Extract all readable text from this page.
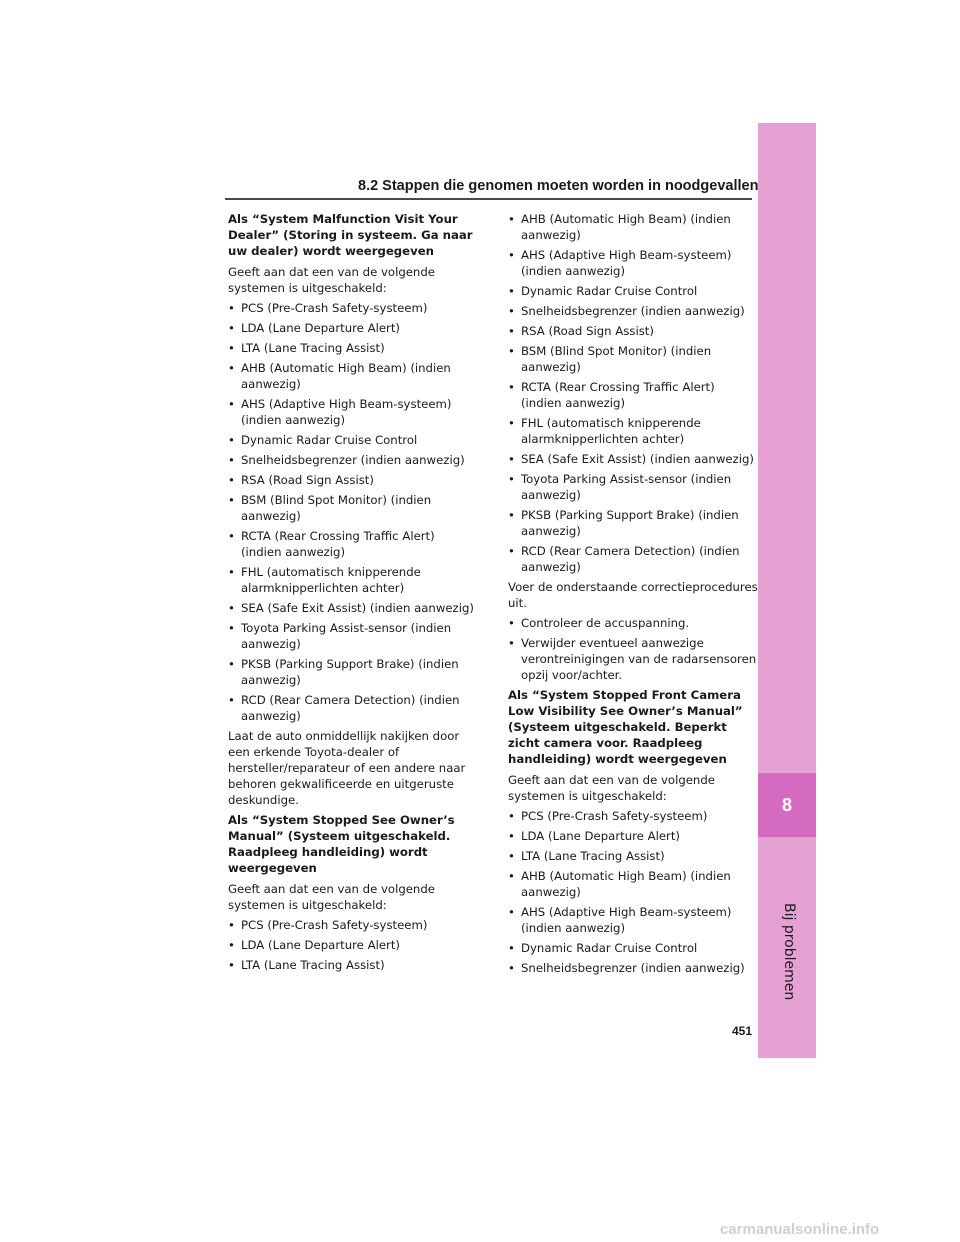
8
Bij problemen
8.2 Stappen die genomen moeten worden in noodgevallen

Als “System Malfunction Visit Your Dealer” (Storing in systeem. Ga naar uw dealer) wordt weergegeven

Geeft aan dat een van de volgende systemen is uitgeschakeld:

• PCS (Pre-Crash Safety-systeem)
• LDA (Lane Departure Alert)
• LTA (Lane Tracing Assist)
• AHB (Automatic High Beam) (indien aanwezig)
• AHS (Adaptive High Beam-systeem) (indien aanwezig)
• Dynamic Radar Cruise Control
• Snelheidsbegrenzer (indien aanwezig)
• RSA (Road Sign Assist)
• BSM (Blind Spot Monitor) (indien aanwezig)
• RCTA (Rear Crossing Traffic Alert) (indien aanwezig)
• FHL (automatisch knipperende alarmknipperlichten achter)
• SEA (Safe Exit Assist) (indien aanwezig)
• Toyota Parking Assist-sensor (indien aanwezig)
• PKSB (Parking Support Brake) (indien aanwezig)
• RCD (Rear Camera Detection) (indien aanwezig)

Laat de auto onmiddellijk nakijken door een erkende Toyota-dealer of hersteller/reparateur of een andere naar behoren gekwalificeerde en uitgeruste deskundige.

Als “System Stopped See Owner’s Manual” (Systeem uitgeschakeld. Raadpleeg handleiding) wordt weergegeven

Geeft aan dat een van de volgende systemen is uitgeschakeld:

• PCS (Pre-Crash Safety-systeem)
• LDA (Lane Departure Alert)
• LTA (Lane Tracing Assist)
• AHB (Automatic High Beam) (indien aanwezig)
• AHS (Adaptive High Beam-systeem) (indien aanwezig)
• Dynamic Radar Cruise Control
• Snelheidsbegrenzer (indien aanwezig)
• RSA (Road Sign Assist)
• BSM (Blind Spot Monitor) (indien aanwezig)
• RCTA (Rear Crossing Traffic Alert) (indien aanwezig)
• FHL (automatisch knipperende alarmknipperlichten achter)
• SEA (Safe Exit Assist) (indien aanwezig)
• Toyota Parking Assist-sensor (indien aanwezig)
• PKSB (Parking Support Brake) (indien aanwezig)
• RCD (Rear Camera Detection) (indien aanwezig)

Voer de onderstaande correctieprocedures uit.

• Controleer de accuspanning.
• Verwijder eventueel aanwezige verontreinigingen van de radarsensoren opzij voor/achter.

Als “System Stopped Front Camera Low Visibility See Owner’s Manual” (Systeem uitgeschakeld. Beperkt zicht camera voor. Raadpleeg handleiding) wordt weergegeven

Geeft aan dat een van de volgende systemen is uitgeschakeld:

• PCS (Pre-Crash Safety-systeem)
• LDA (Lane Departure Alert)
• LTA (Lane Tracing Assist)
• AHB (Automatic High Beam) (indien aanwezig)
• AHS (Adaptive High Beam-systeem) (indien aanwezig)
• Dynamic Radar Cruise Control
• Snelheidsbegrenzer (indien aanwezig)
451
carmanualsonline.info
